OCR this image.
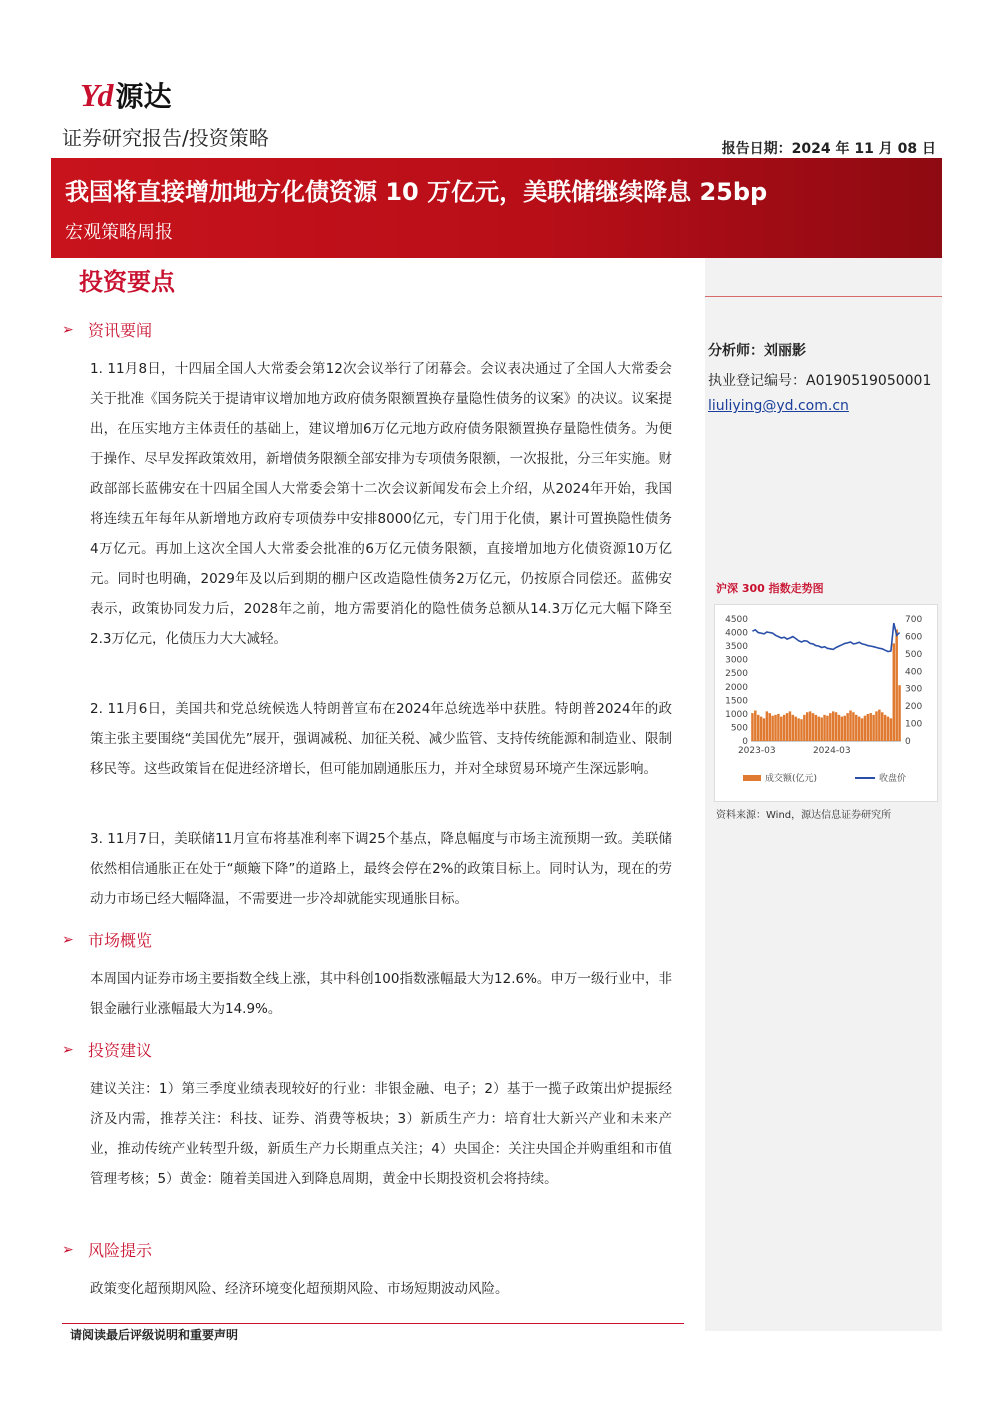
Yd 源达
证券研究报告/投资策略	报告日期：2024 年 11 月 08 日
我国将直接增加地方化债资源 10 万亿元，美联储继续降息 25bp
宏观策略周报
分析师：刘丽影
执业登记编号：A0190519050001
liuliying@yd.com.cn
沪深 300 指数走势图
0
500
1000
1500
2000
2500
3000
3500
4000
4500
0
100
200
300
400
500
600
700
2023-03	2024-03
成交额(亿元)	收盘价
资料来源：Wind，源达信息证券研究所
投资要点
➢ 资讯要闻
1. 11月8日，十四届全国人大常委会第12次会议举行了闭幕会。会议表决通过了全国人大常委会关于批准《国务院关于提请审议增加地方政府债务限额置换存量隐性债务的议案》的决议。议案提出，在压实地方主体责任的基础上，建议增加6万亿元地方政府债务限额置换存量隐性债务。为便于操作、尽早发挥政策效用，新增债务限额全部安排为专项债务限额，一次报批，分三年实施。财政部部长蓝佛安在十四届全国人大常委会第十二次会议新闻发布会上介绍，从2024年开始，我国将连续五年每年从新增地方政府专项债券中安排8000亿元，专门用于化债，累计可置换隐性债务4万亿元。再加上这次全国人大常委会批准的6万亿元债务限额，直接增加地方化债资源10万亿元。同时也明确，2029年及以后到期的棚户区改造隐性债务2万亿元，仍按原合同偿还。蓝佛安表示，政策协同发力后，2028年之前，地方需要消化的隐性债务总额从14.3万亿元大幅下降至2.3万亿元，化债压力大大减轻。
2. 11月6日，美国共和党总统候选人特朗普宣布在2024年总统选举中获胜。特朗普2024年的政策主张主要围绕“美国优先”展开，强调减税、加征关税、减少监管、支持传统能源和制造业、限制移民等。这些政策旨在促进经济增长，但可能加剧通胀压力，并对全球贸易环境产生深远影响。
3. 11月7日，美联储11月宣布将基准利率下调25个基点，降息幅度与市场主流预期一致。美联储依然相信通胀正在处于“颠簸下降”的道路上，最终会停在2%的政策目标上。同时认为，现在的劳动力市场已经大幅降温，不需要进一步冷却就能实现通胀目标。
➢ 市场概览
本周国内证券市场主要指数全线上涨，其中科创100指数涨幅最大为12.6%。申万一级行业中，非银金融行业涨幅最大为14.9%。
➢ 投资建议
建议关注：1）第三季度业绩表现较好的行业：非银金融、电子；2）基于一揽子政策出炉提振经济及内需，推荐关注：科技、证券、消费等板块；3）新质生产力：培育壮大新兴产业和未来产业，推动传统产业转型升级，新质生产力长期重点关注；4）央国企：关注央国企并购重组和市值管理考核；5）黄金：随着美国进入到降息周期，黄金中长期投资机会将持续。
➢ 风险提示
政策变化超预期风险、经济环境变化超预期风险、市场短期波动风险。
请阅读最后评级说明和重要声明
